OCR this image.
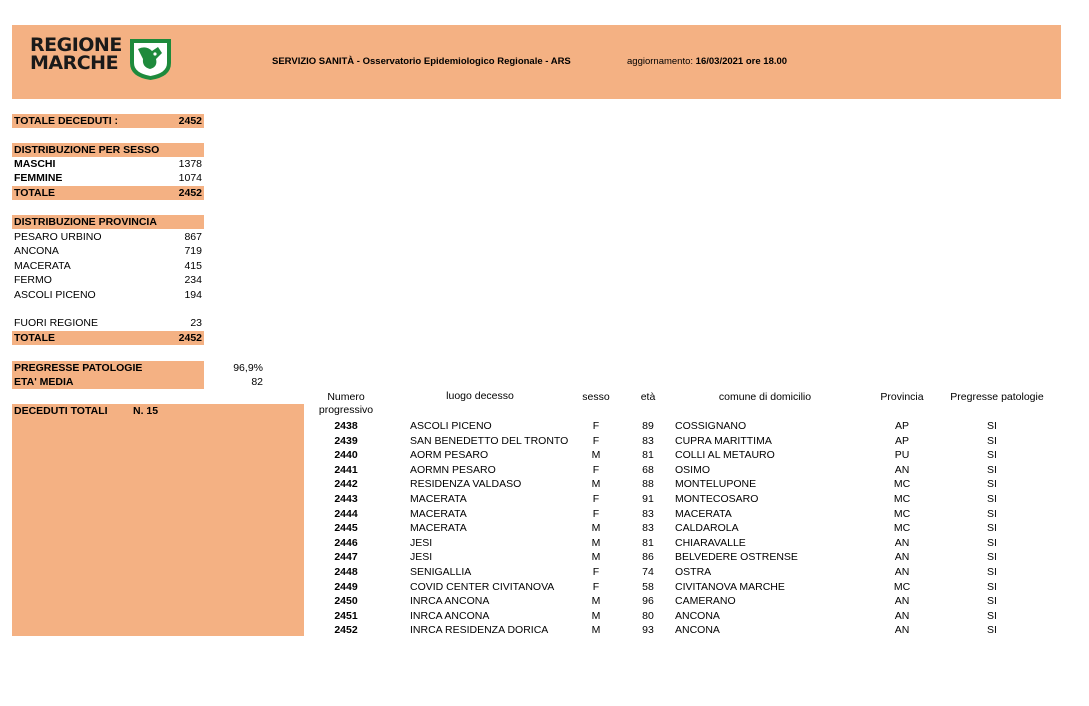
REGIONE
MARCHE	SERVIZIO SANITÀ - Osservatorio Epidemiologico Regionale - ARS	aggiornamento: 16/03/2021 ore 18.00
TOTALE DECEDUTI :	2452
DISTRIBUZIONE PER SESSO
MASCHI	1378
FEMMINE	1074
TOTALE	2452
DISTRIBUZIONE PROVINCIA
PESARO URBINO	867
ANCONA	719
MACERATA	415
FERMO	234
ASCOLI PICENO	194
FUORI REGIONE	23
TOTALE	2452
PREGRESSE PATOLOGIE	96,9%
ETA' MEDIA	82
DECEDUTI TOTALI N. 15
Numero
progressivo
luogo decesso	sesso	età	comune di domicilio	Provincia	Pregresse patologie
2438	ASCOLI PICENO	F	89	COSSIGNANO	AP	SI
2439	SAN BENEDETTO DEL TRONTO	F	83	CUPRA MARITTIMA	AP	SI
2440	AORM PESARO	M	81	COLLI AL METAURO	PU	SI
2441	AORMN PESARO	F	68	OSIMO	AN	SI
2442	RESIDENZA VALDASO	M	88	MONTELUPONE	MC	SI
2443	MACERATA	F	91	MONTECOSARO	MC	SI
2444	MACERATA	F	83	MACERATA	MC	SI
2445	MACERATA	M	83	CALDAROLA	MC	SI
2446	JESI	M	81	CHIARAVALLE	AN	SI
2447	JESI	M	86	BELVEDERE OSTRENSE	AN	SI
2448	SENIGALLIA	F	74	OSTRA	AN	SI
2449	COVID CENTER CIVITANOVA	F	58	CIVITANOVA MARCHE	MC	SI
2450	INRCA ANCONA	M	96	CAMERANO	AN	SI
2451	INRCA ANCONA	M	80	ANCONA	AN	SI
2452	INRCA RESIDENZA DORICA	M	93	ANCONA	AN	SI
